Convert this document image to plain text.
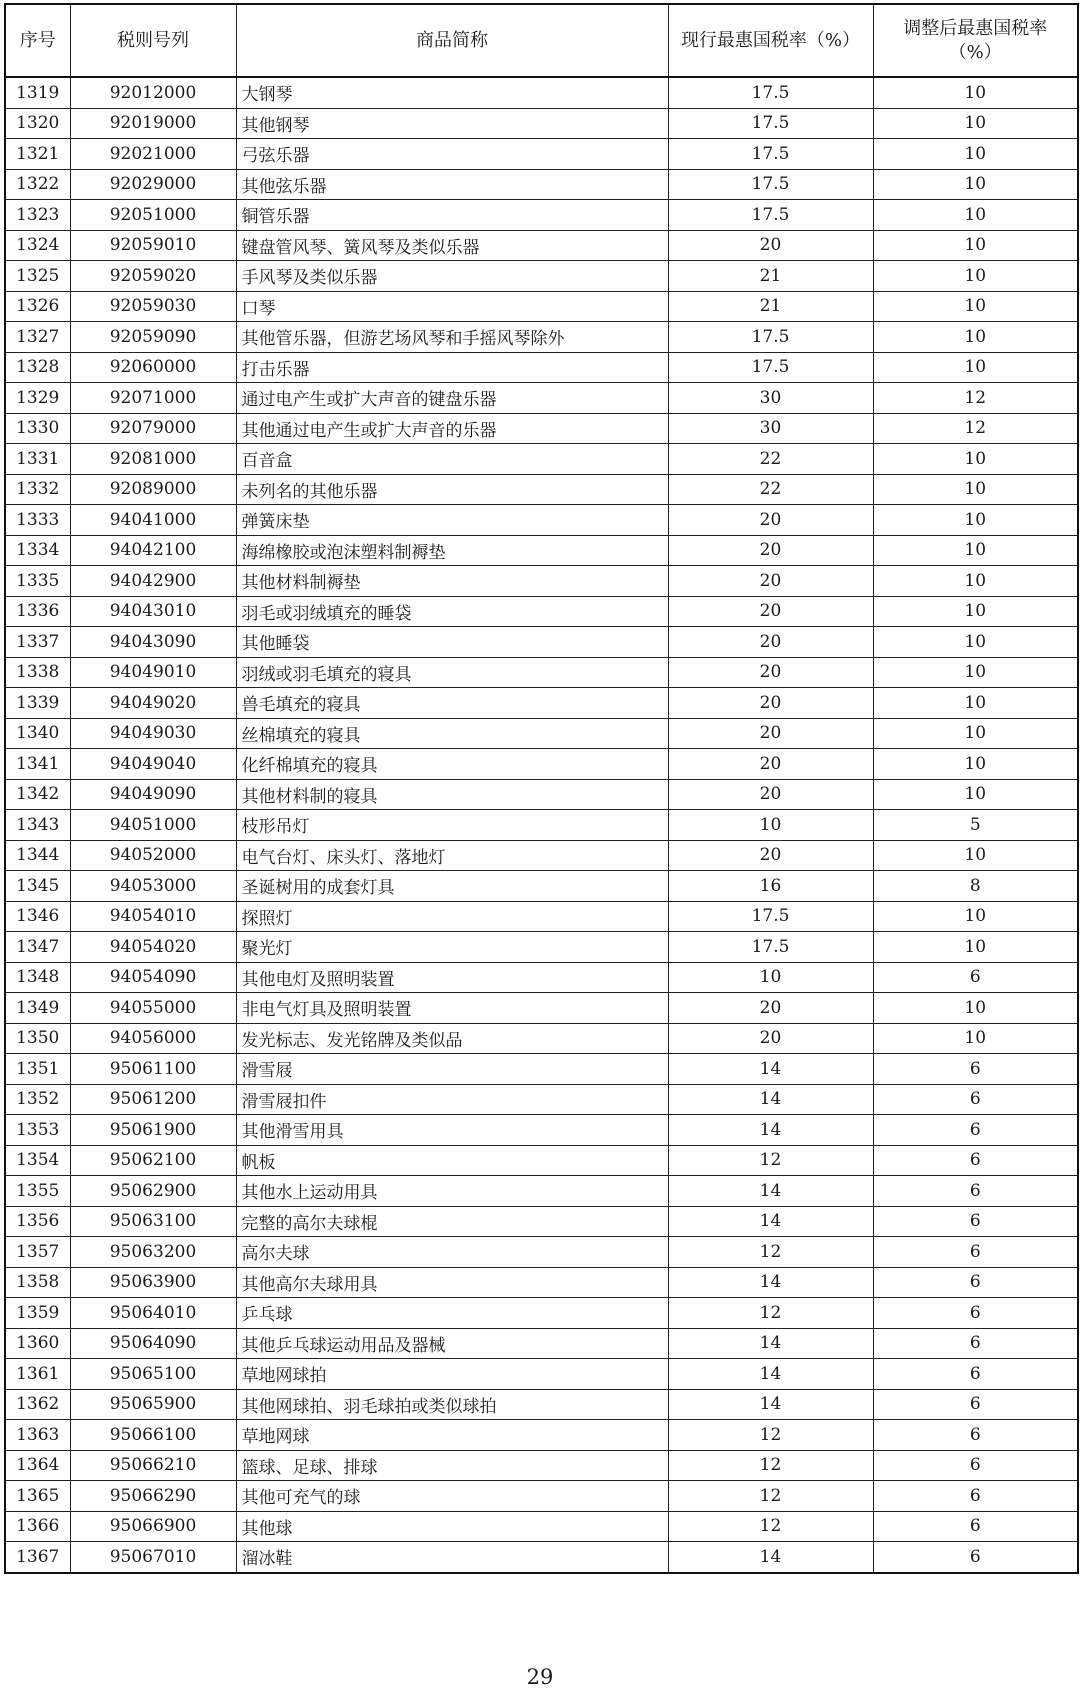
序号	税则号列	商品简称	现行最惠国税率（%）	调整后最惠国税率（%）
1319	92012000	大钢琴	17.5	10
1320	92019000	其他钢琴	17.5	10
1321	92021000	弓弦乐器	17.5	10
1322	92029000	其他弦乐器	17.5	10
1323	92051000	铜管乐器	17.5	10
1324	92059010	键盘管风琴、簧风琴及类似乐器	20	10
1325	92059020	手风琴及类似乐器	21	10
1326	92059030	口琴	21	10
1327	92059090	其他管乐器，但游艺场风琴和手摇风琴除外	17.5	10
1328	92060000	打击乐器	17.5	10
1329	92071000	通过电产生或扩大声音的键盘乐器	30	12
1330	92079000	其他通过电产生或扩大声音的乐器	30	12
1331	92081000	百音盒	22	10
1332	92089000	未列名的其他乐器	22	10
1333	94041000	弹簧床垫	20	10
1334	94042100	海绵橡胶或泡沫塑料制褥垫	20	10
1335	94042900	其他材料制褥垫	20	10
1336	94043010	羽毛或羽绒填充的睡袋	20	10
1337	94043090	其他睡袋	20	10
1338	94049010	羽绒或羽毛填充的寝具	20	10
1339	94049020	兽毛填充的寝具	20	10
1340	94049030	丝棉填充的寝具	20	10
1341	94049040	化纤棉填充的寝具	20	10
1342	94049090	其他材料制的寝具	20	10
1343	94051000	枝形吊灯	10	5
1344	94052000	电气台灯、床头灯、落地灯	20	10
1345	94053000	圣诞树用的成套灯具	16	8
1346	94054010	探照灯	17.5	10
1347	94054020	聚光灯	17.5	10
1348	94054090	其他电灯及照明装置	10	6
1349	94055000	非电气灯具及照明装置	20	10
1350	94056000	发光标志、发光铭牌及类似品	20	10
1351	95061100	滑雪屐	14	6
1352	95061200	滑雪屐扣件	14	6
1353	95061900	其他滑雪用具	14	6
1354	95062100	帆板	12	6
1355	95062900	其他水上运动用具	14	6
1356	95063100	完整的高尔夫球棍	14	6
1357	95063200	高尔夫球	12	6
1358	95063900	其他高尔夫球用具	14	6
1359	95064010	乒乓球	12	6
1360	95064090	其他乒乓球运动用品及器械	14	6
1361	95065100	草地网球拍	14	6
1362	95065900	其他网球拍、羽毛球拍或类似球拍	14	6
1363	95066100	草地网球	12	6
1364	95066210	篮球、足球、排球	12	6
1365	95066290	其他可充气的球	12	6
1366	95066900	其他球	12	6
1367	95067010	溜冰鞋	14	6
29
